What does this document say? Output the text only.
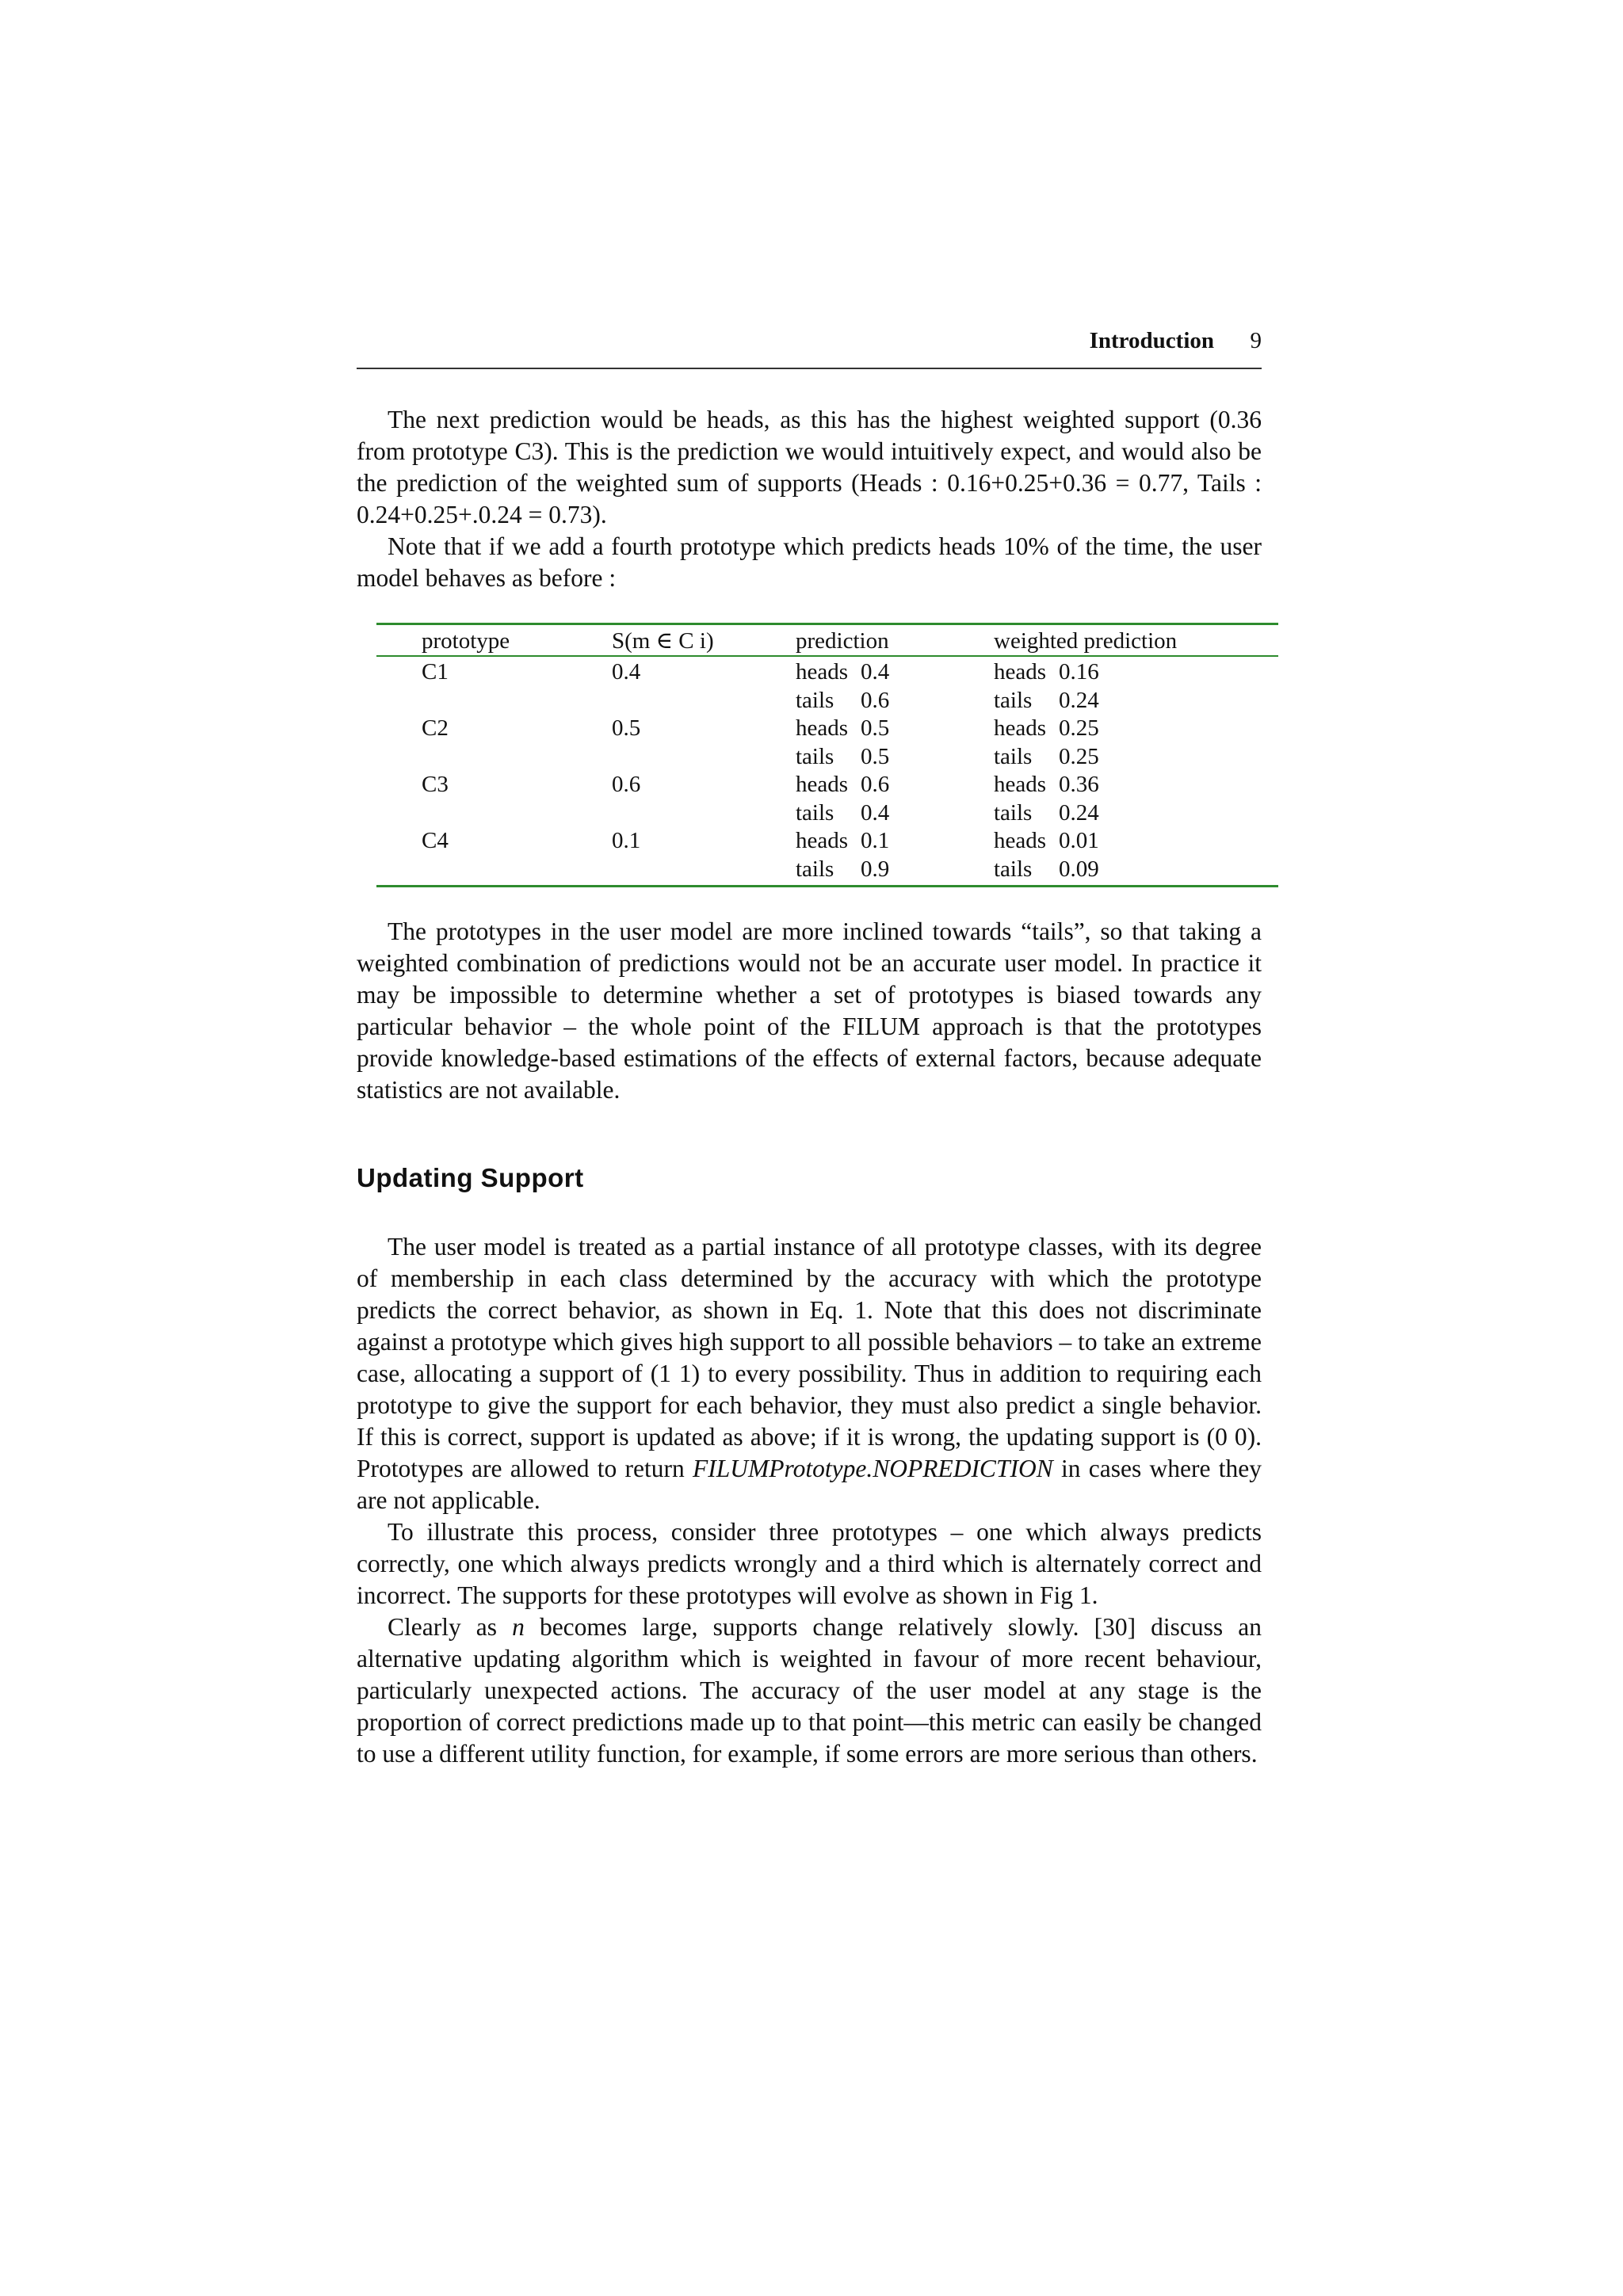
Introduction 9

The next prediction would be heads, as this has the highest weighted support (0.36 from prototype C3). This is the prediction we would intuitively expect, and would also be the prediction of the weighted sum of supports (Heads : 0.16+0.25+0.36 = 0.77, Tails : 0.24+0.25+.0.24 = 0.73).

Note that if we add a fourth prototype which predicts heads 10% of the time, the user model behaves as before :

prototype	S(m ∈ C i)	prediction	weighted prediction
C1	0.4	heads 0.4	heads 0.16
		tails 0.6	tails 0.24
C2	0.5	heads 0.5	heads 0.25
		tails 0.5	tails 0.25
C3	0.6	heads 0.6	heads 0.36
		tails 0.4	tails 0.24
C4	0.1	heads 0.1	heads 0.01
		tails 0.9	tails 0.09

The prototypes in the user model are more inclined towards “tails”, so that taking a weighted combination of predictions would not be an accurate user model. In practice it may be impossible to determine whether a set of prototypes is biased towards any particular behavior – the whole point of the FILUM approach is that the prototypes provide knowledge-based estimations of the effects of external factors, because adequate statistics are not available.

Updating Support

The user model is treated as a partial instance of all prototype classes, with its degree of membership in each class determined by the accuracy with which the prototype predicts the correct behavior, as shown in Eq. 1. Note that this does not discriminate against a prototype which gives high support to all possible behaviors – to take an extreme case, allocating a support of (1 1) to every possibility. Thus in addition to requiring each prototype to give the support for each behavior, they must also predict a single behavior. If this is correct, support is updated as above; if it is wrong, the updating support is (0 0). Prototypes are allowed to return FILUMPrototype.NOPREDICTION in cases where they are not applicable.

To illustrate this process, consider three prototypes – one which always predicts correctly, one which always predicts wrongly and a third which is alternately correct and incorrect. The supports for these prototypes will evolve as shown in Fig 1.

Clearly as n becomes large, supports change relatively slowly. [30] discuss an alternative updating algorithm which is weighted in favour of more recent behaviour, particularly unexpected actions. The accuracy of the user model at any stage is the proportion of correct predictions made up to that point—this metric can easily be changed to use a different utility function, for example, if some errors are more serious than others.
